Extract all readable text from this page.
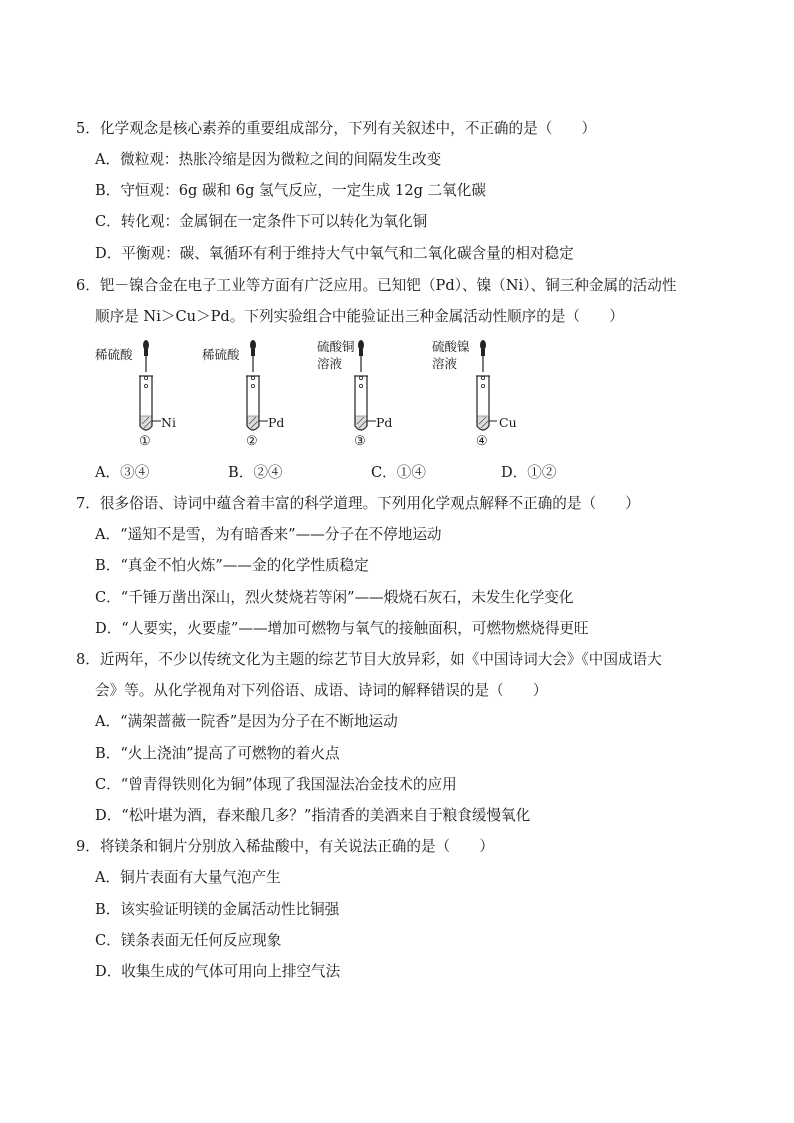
5．化学观念是核心素养的重要组成部分，下列有关叙述中，不正确的是（　　）
A．微粒观：热胀冷缩是因为微粒之间的间隔发生改变
B．守恒观：6g 碳和 6g 氢气反应，一定生成 12g 二氧化碳
C．转化观：金属铜在一定条件下可以转化为氧化铜
D．平衡观：碳、氧循环有利于维持大气中氧气和二氧化碳含量的相对稳定
6．钯－镍合金在电子工业等方面有广泛应用。已知钯（Pd）、镍（Ni）、铜三种金属的活动性
顺序是 Ni＞Cu＞Pd。下列实验组合中能验证出三种金属活动性顺序的是（　　）
稀硫酸
Ni
①
稀硫酸
Pd
②
硫酸铜
溶液
Pd
③
硫酸镍
溶液
Cu
④
A．③④	B．②④	C．①④	D．①②
7．很多俗语、诗词中蕴含着丰富的科学道理。下列用化学观点解释不正确的是（　　）
A．“遥知不是雪，为有暗香来”——分子在不停地运动
B．“真金不怕火炼”——金的化学性质稳定
C．“千锤万凿出深山，烈火焚烧若等闲”——煅烧石灰石，未发生化学变化
D．“人要实，火要虚”——增加可燃物与氧气的接触面积，可燃物燃烧得更旺
8．近两年，不少以传统文化为主题的综艺节目大放异彩，如《中国诗词大会》《中国成语大
会》等。从化学视角对下列俗语、成语、诗词的解释错误的是（　　）
A．“满架蔷薇一院香”是因为分子在不断地运动
B．“火上浇油”提高了可燃物的着火点
C．“曾青得铁则化为铜”体现了我国湿法冶金技术的应用
D．“松叶堪为酒，春来酿几多？”指清香的美酒来自于粮食缓慢氧化
9．将镁条和铜片分别放入稀盐酸中，有关说法正确的是（　　）
A．铜片表面有大量气泡产生
B．该实验证明镁的金属活动性比铜强
C．镁条表面无任何反应现象
D．收集生成的气体可用向上排空气法
